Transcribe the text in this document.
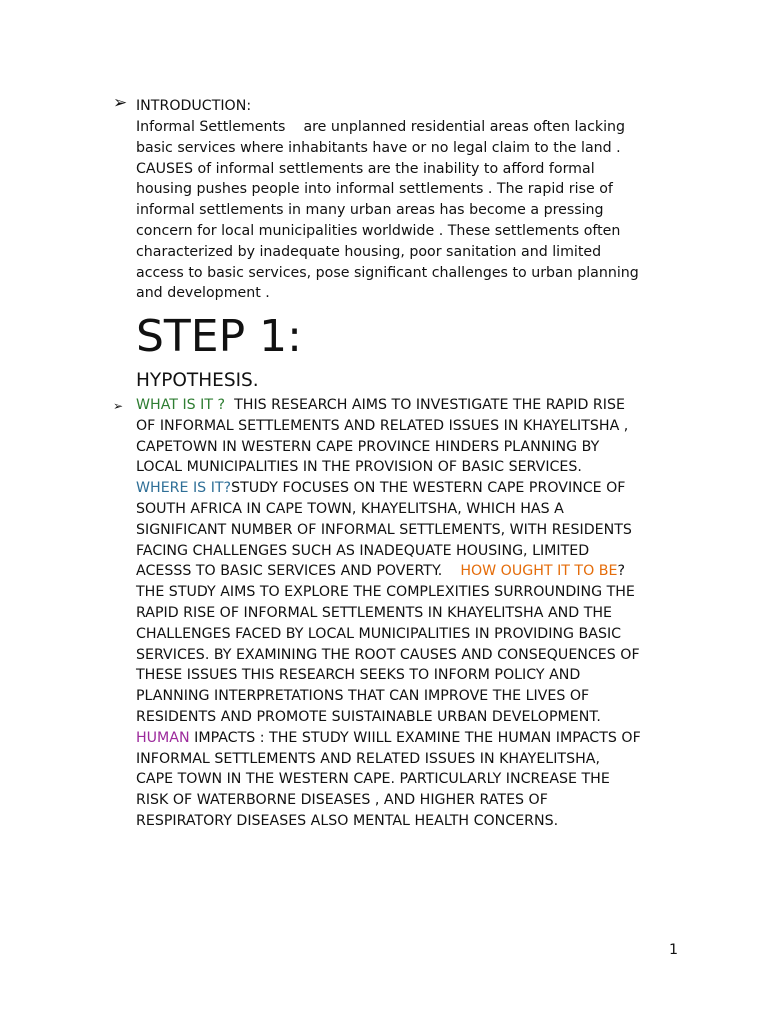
➢ INTRODUCTION:
Informal Settlements are unplanned residential areas often lacking
basic services where inhabitants have or no legal claim to the land .
CAUSES of informal settlements are the inability to afford formal
housing pushes people into informal settlements . The rapid rise of
informal settlements in many urban areas has become a pressing
concern for local municipalities worldwide . These settlements often
characterized by inadequate housing, poor sanitation and limited
access to basic services, pose significant challenges to urban planning
and development .
STEP 1:
HYPOTHESIS.
➢ WHAT IS IT ? THIS RESEARCH AIMS TO INVESTIGATE THE RAPID RISE
OF INFORMAL SETTLEMENTS AND RELATED ISSUES IN KHAYELITSHA ,
CAPETOWN IN WESTERN CAPE PROVINCE HINDERS PLANNING BY
LOCAL MUNICIPALITIES IN THE PROVISION OF BASIC SERVICES.
WHERE IS IT?STUDY FOCUSES ON THE WESTERN CAPE PROVINCE OF
SOUTH AFRICA IN CAPE TOWN, KHAYELITSHA, WHICH HAS A
SIGNIFICANT NUMBER OF INFORMAL SETTLEMENTS, WITH RESIDENTS
FACING CHALLENGES SUCH AS INADEQUATE HOUSING, LIMITED
ACESSS TO BASIC SERVICES AND POVERTY. HOW OUGHT IT TO BE?
THE STUDY AIMS TO EXPLORE THE COMPLEXITIES SURROUNDING THE
RAPID RISE OF INFORMAL SETTLEMENTS IN KHAYELITSHA AND THE
CHALLENGES FACED BY LOCAL MUNICIPALITIES IN PROVIDING BASIC
SERVICES. BY EXAMINING THE ROOT CAUSES AND CONSEQUENCES OF
THESE ISSUES THIS RESEARCH SEEKS TO INFORM POLICY AND
PLANNING INTERPRETATIONS THAT CAN IMPROVE THE LIVES OF
RESIDENTS AND PROMOTE SUISTAINABLE URBAN DEVELOPMENT.
HUMAN IMPACTS : THE STUDY WIILL EXAMINE THE HUMAN IMPACTS OF
INFORMAL SETTLEMENTS AND RELATED ISSUES IN KHAYELITSHA,
CAPE TOWN IN THE WESTERN CAPE. PARTICULARLY INCREASE THE
RISK OF WATERBORNE DISEASES , AND HIGHER RATES OF
RESPIRATORY DISEASES ALSO MENTAL HEALTH CONCERNS.
1
